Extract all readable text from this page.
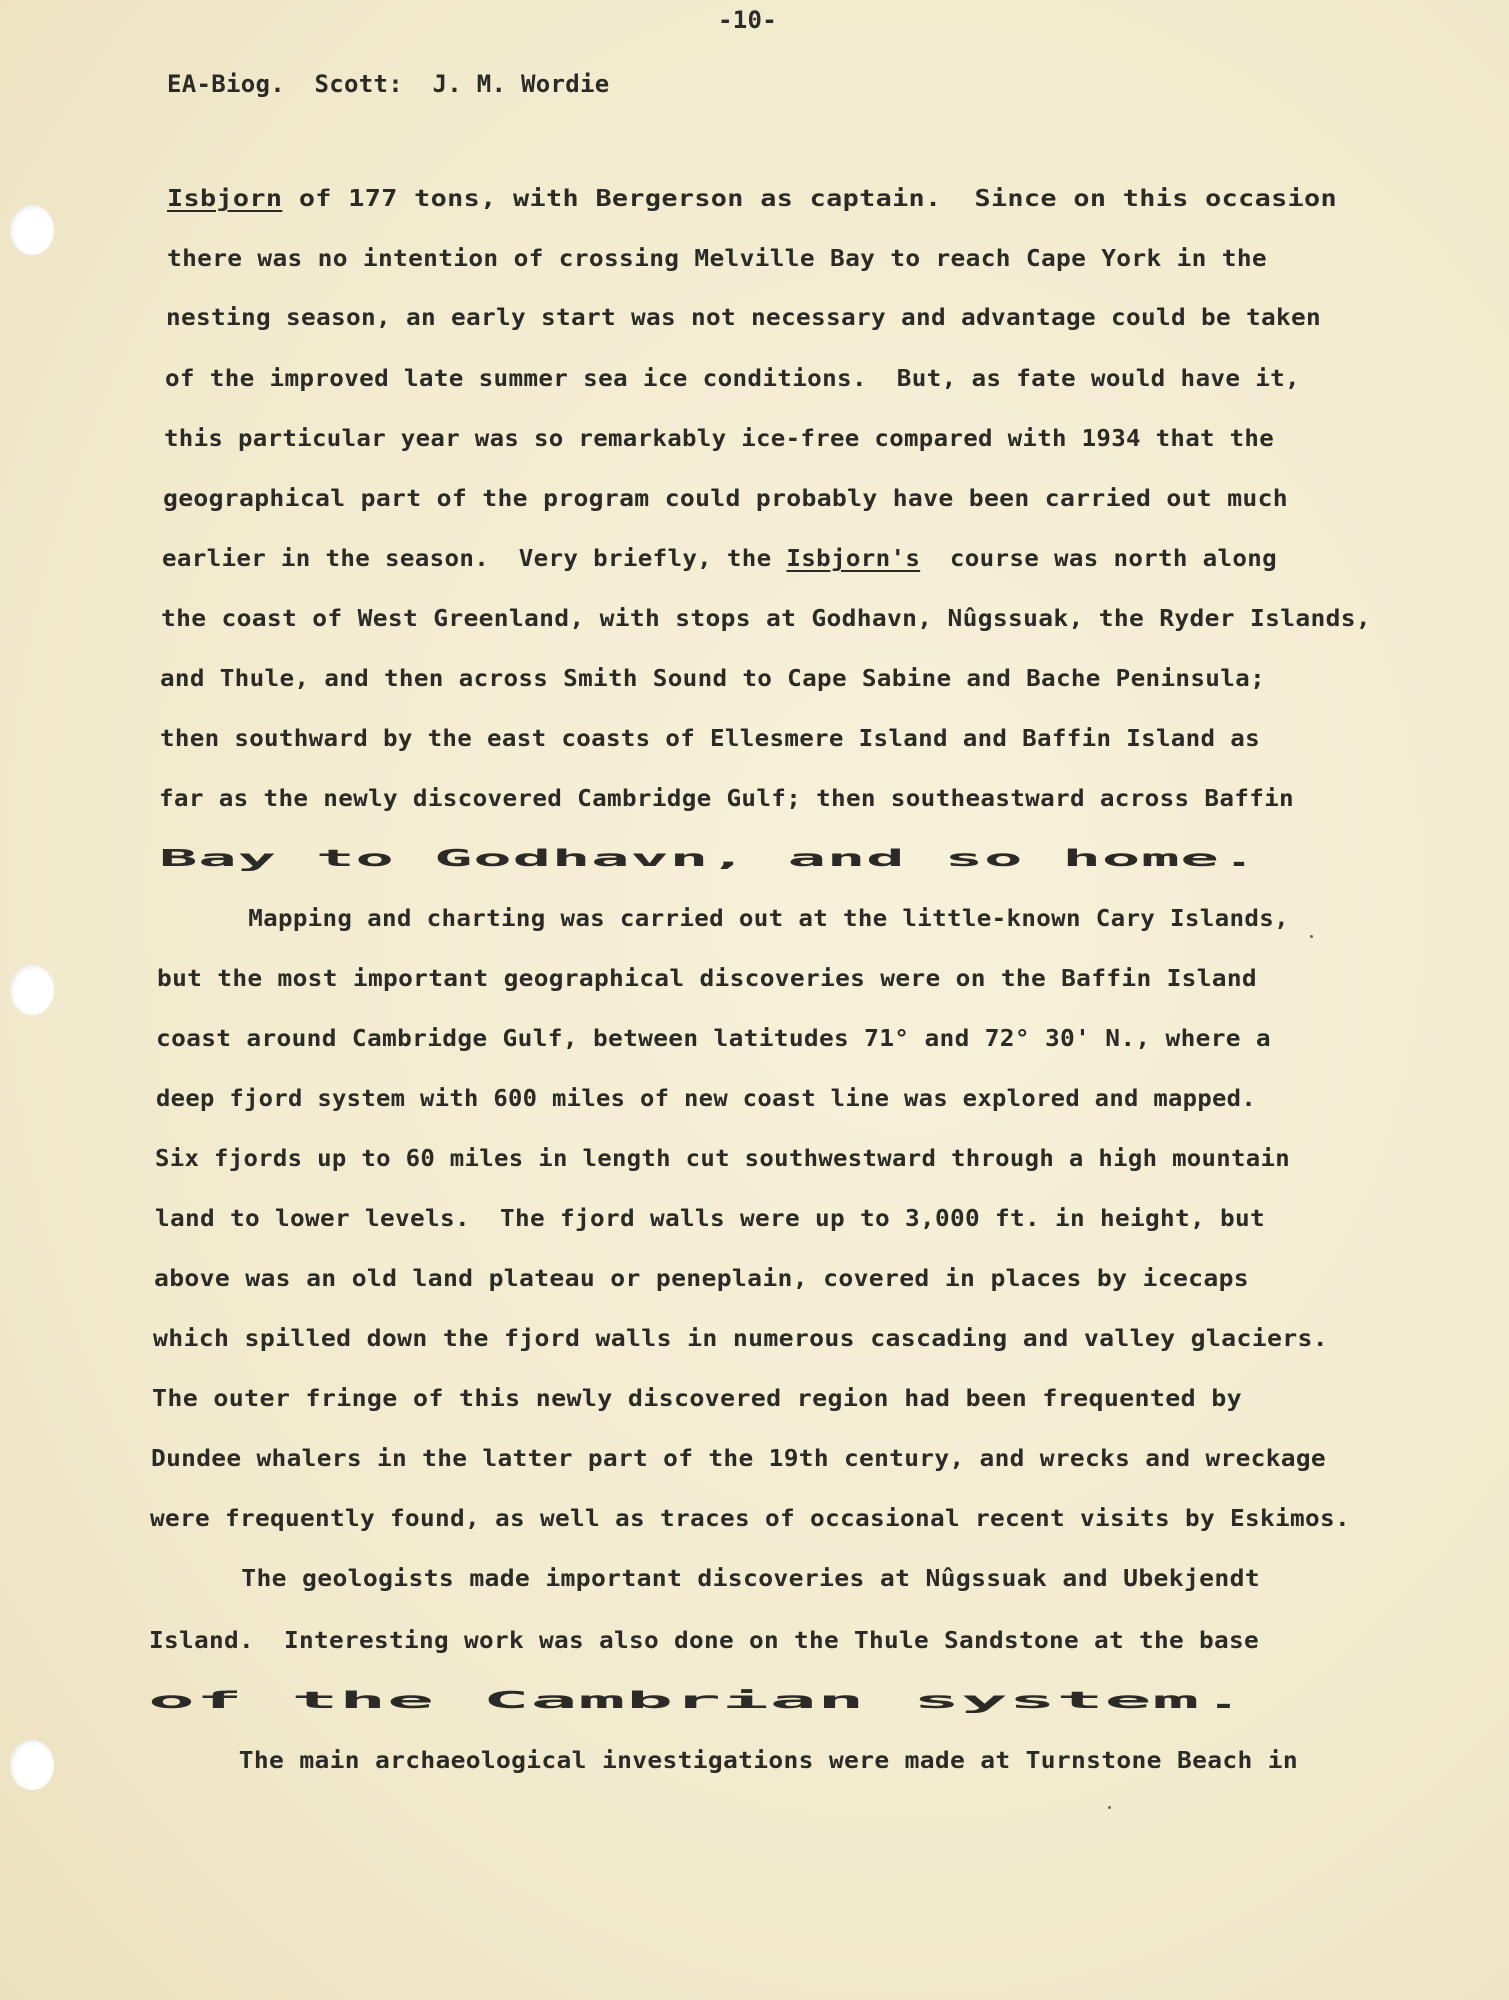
-10-
EA-Biog.  Scott:  J. M. Wordie
Isbjorn of 177 tons, with Bergerson as captain.  Since on this occasion
there was no intention of crossing Melville Bay to reach Cape York in the
nesting season, an early start was not necessary and advantage could be taken
of the improved late summer sea ice conditions.  But, as fate would have it,
this particular year was so remarkably ice-free compared with 1934 that the
geographical part of the program could probably have been carried out much
earlier in the season.  Very briefly, the Isbjorn's  course was north along
the coast of West Greenland, with stops at Godhavn, Nûgssuak, the Ryder Islands,
and Thule, and then across Smith Sound to Cape Sabine and Bache Peninsula;
then southward by the east coasts of Ellesmere Island and Baffin Island as
far as the newly discovered Cambridge Gulf; then southeastward across Baffin
Bay to Godhavn, and so home.
Mapping and charting was carried out at the little-known Cary Islands,
but the most important geographical discoveries were on the Baffin Island
coast around Cambridge Gulf, between latitudes 71° and 72° 30' N., where a
deep fjord system with 600 miles of new coast line was explored and mapped.
Six fjords up to 60 miles in length cut southwestward through a high mountain
land to lower levels.  The fjord walls were up to 3,000 ft. in height, but
above was an old land plateau or peneplain, covered in places by icecaps
which spilled down the fjord walls in numerous cascading and valley glaciers.
The outer fringe of this newly discovered region had been frequented by
Dundee whalers in the latter part of the 19th century, and wrecks and wreckage
were frequently found, as well as traces of occasional recent visits by Eskimos.
The geologists made important discoveries at Nûgssuak and Ubekjendt
Island.  Interesting work was also done on the Thule Sandstone at the base
of the Cambrian system.
The main archaeological investigations were made at Turnstone Beach in
